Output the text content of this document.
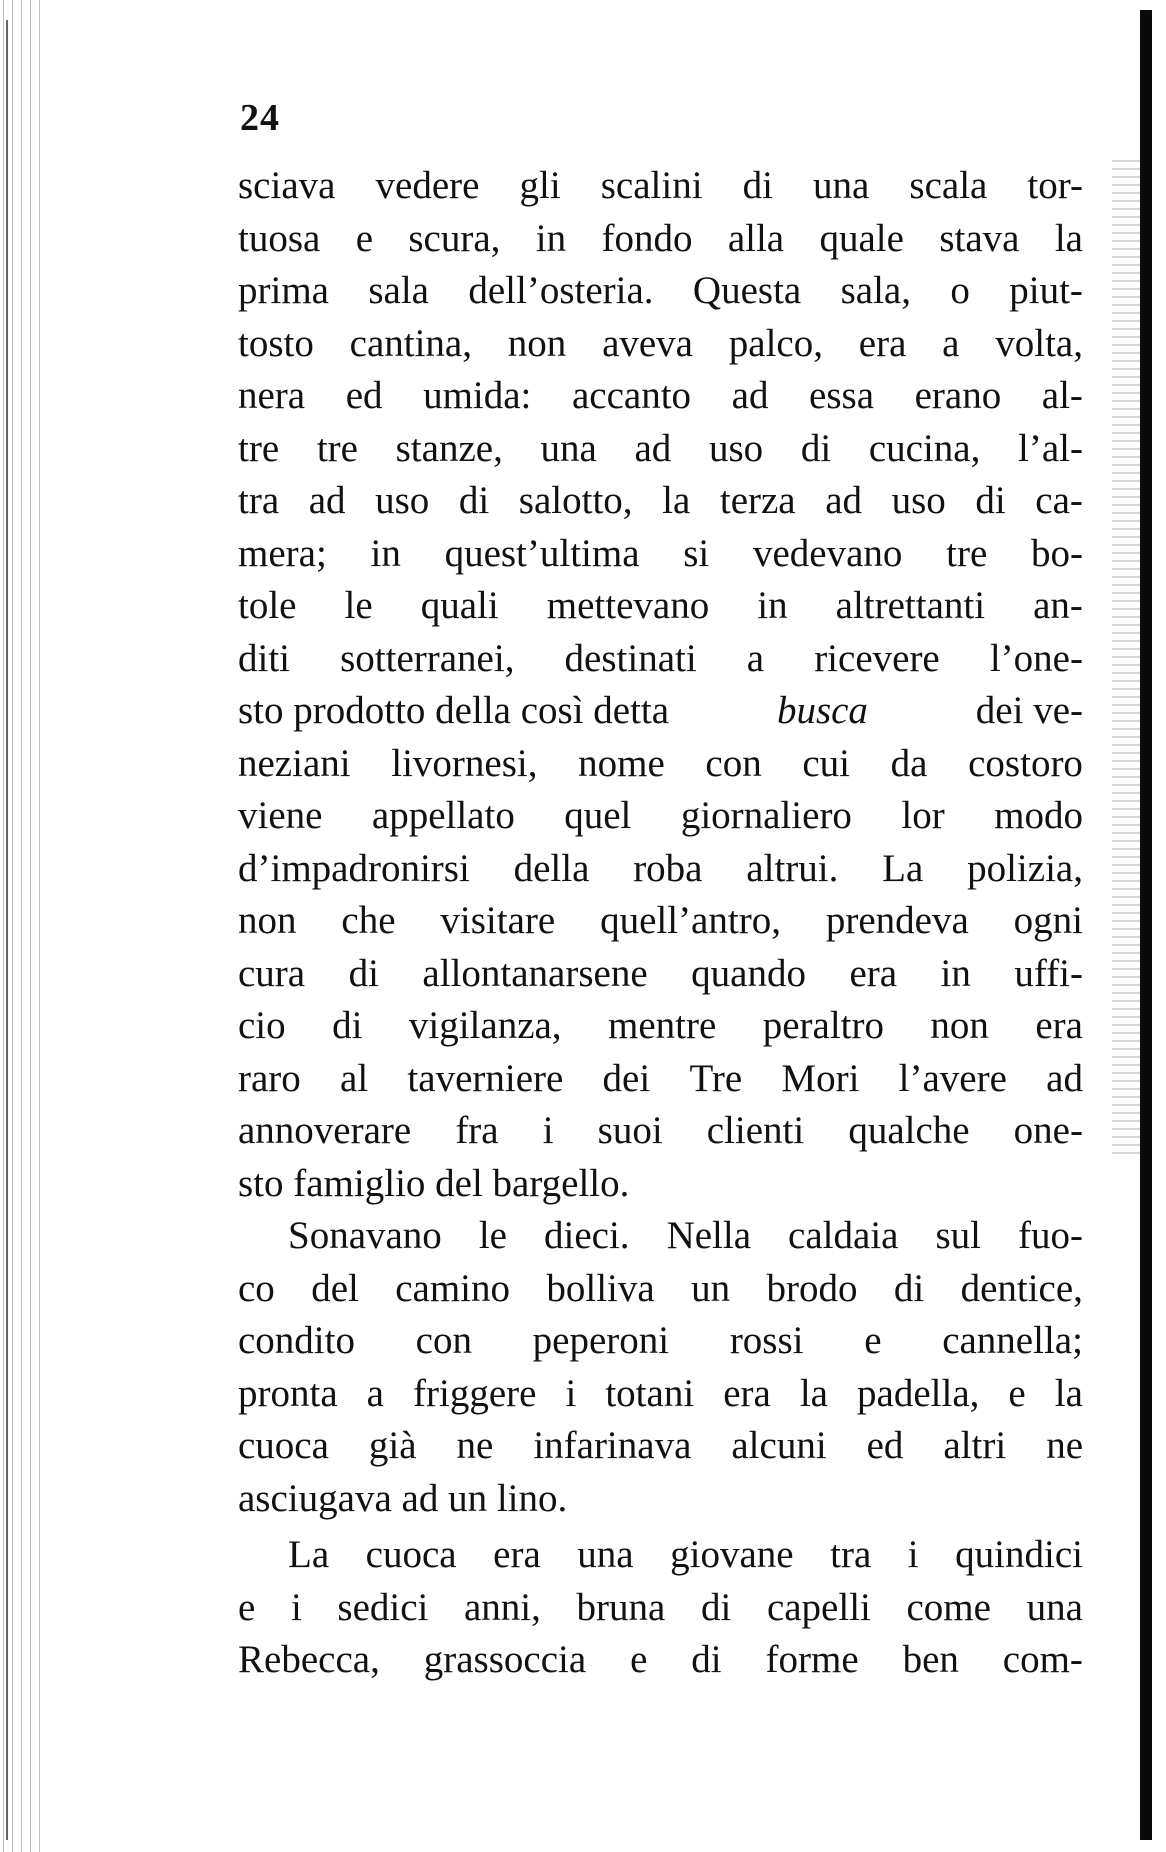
24
sciava vedere gli scalini di una scala tor-
tuosa e scura, in fondo alla quale stava la
prima sala dell’osteria. Questa sala, o piut-
tosto cantina, non aveva palco, era a volta,
nera ed umida: accanto ad essa erano al-
tre tre stanze, una ad uso di cucina, l’al-
tra ad uso di salotto, la terza ad uso di ca-
mera; in quest’ultima si vedevano tre bo-
tole le quali mettevano in altrettanti an-
diti sotterranei, destinati a ricevere l’one-
sto prodotto della così detta	busca	dei ve-
neziani livornesi, nome con cui da costoro
viene appellato quel giornaliero lor modo
d’impadronirsi della roba altrui. La polizia,
non che visitare quell’antro, prendeva ogni
cura di allontanarsene quando era in uffi-
cio di vigilanza, mentre peraltro non era
raro al taverniere dei Tre Mori l’avere ad
annoverare fra i suoi clienti qualche one-
sto famiglio del bargello.
Sonavano le dieci. Nella caldaia sul fuo-
co del camino bolliva un brodo di dentice,
condito con peperoni rossi e cannella;
pronta a friggere i totani era la padella, e la
cuoca già ne infarinava alcuni ed altri ne
asciugava ad un lino.
La cuoca era una giovane tra i quindici
e i sedici anni, bruna di capelli come una
Rebecca, grassoccia e di forme ben com-
